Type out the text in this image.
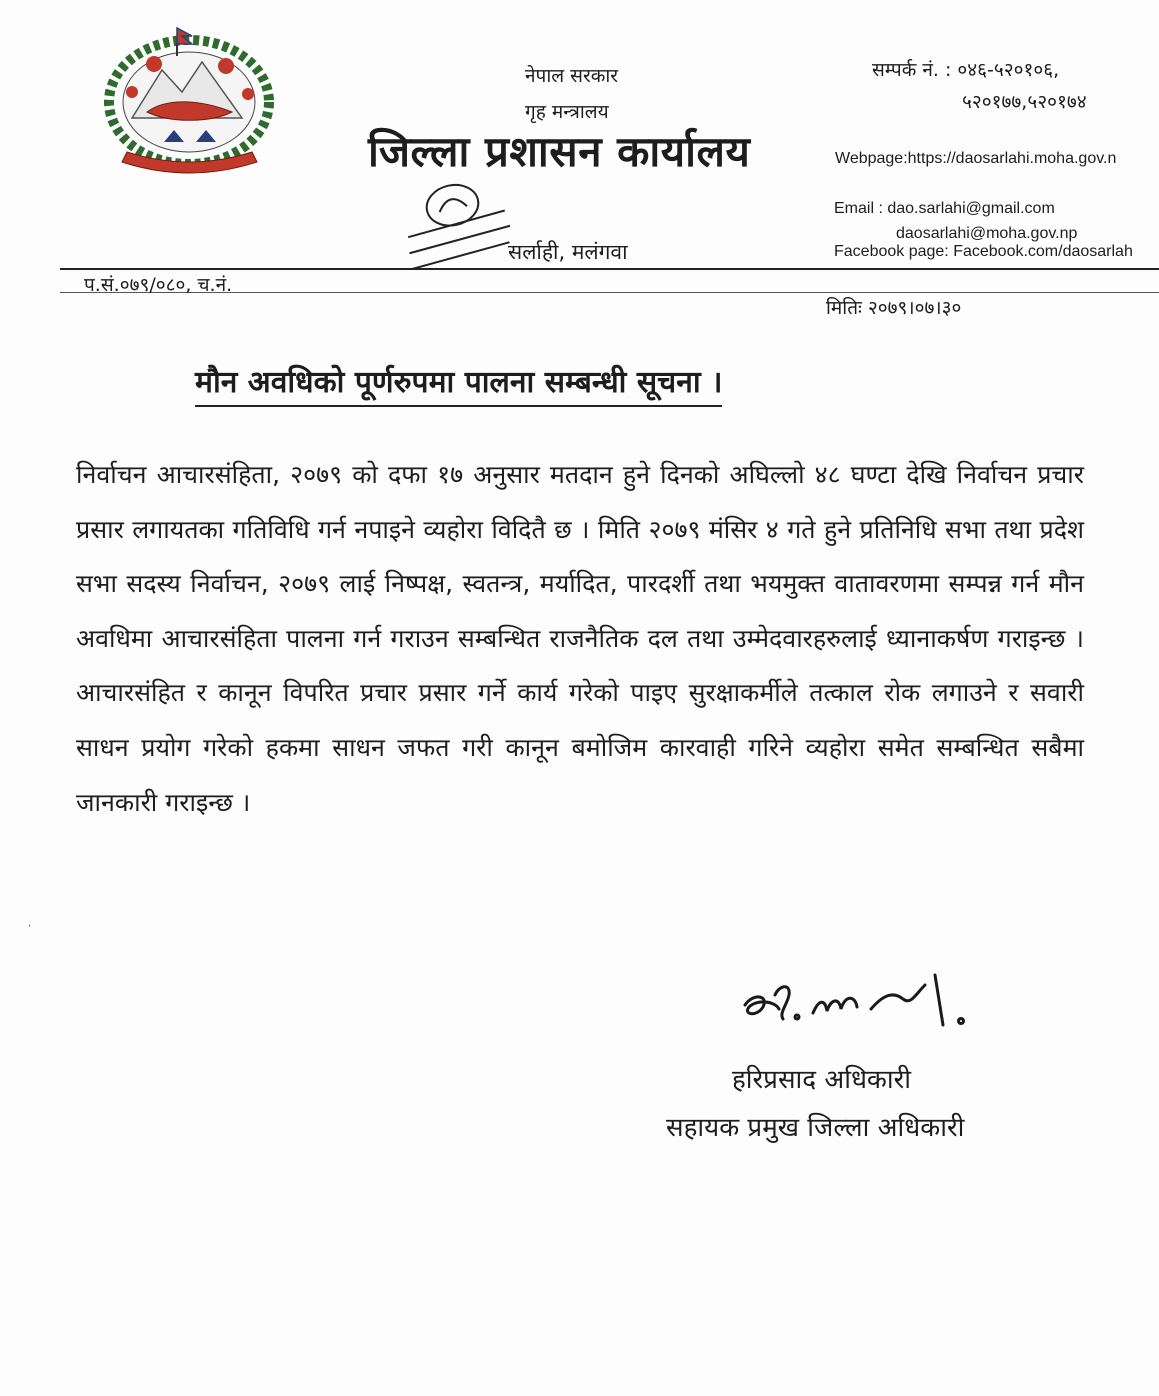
नेपाल सरकार
गृह मन्त्रालय
जिल्ला प्रशासन कार्यालय
सर्लाही, मलंगवा
सम्पर्क नं. : ०४६-५२०१०६,
५२०१७७,५२०१७४
Webpage:https://daosarlahi.moha.gov.n
Email : dao.sarlahi@gmail.com
daosarlahi@moha.gov.np
Facebook page: Facebook.com/daosarlah
प.सं.०७९/०८०, च.नं.
मितिः २०७९।०७।३०
मौन अवधिको पूर्णरुपमा पालना सम्बन्धी सूचना ।
निर्वाचन आचारसंहिता, २०७९ को दफा १७ अनुसार मतदान हुने दिनको अघिल्लो ४८ घण्टा देखि निर्वाचन प्रचार प्रसार लगायतका गतिविधि गर्न नपाइने व्यहोरा विदितै छ । मिति २०७९ मंसिर ४ गते हुने प्रतिनिधि सभा तथा प्रदेश सभा सदस्य निर्वाचन, २०७९ लाई निष्पक्ष, स्वतन्त्र, मर्यादित, पारदर्शी तथा भयमुक्त वातावरणमा सम्पन्न गर्न मौन अवधिमा आचारसंहिता पालना गर्न गराउन सम्बन्धित राजनैतिक दल तथा उम्मेदवारहरुलाई ध्यानाकर्षण गराइन्छ । आचारसंहित र कानून विपरित प्रचार प्रसार गर्ने कार्य गरेको पाइए सुरक्षाकर्मीले तत्काल रोक लगाउने र सवारी साधन प्रयोग गरेको हकमा साधन जफत गरी कानून बमोजिम कारवाही गरिने व्यहोरा समेत सम्बन्धित सबैमा जानकारी गराइन्छ ।
हरिप्रसाद अधिकारी
सहायक प्रमुख जिल्ला अधिकारी
,
